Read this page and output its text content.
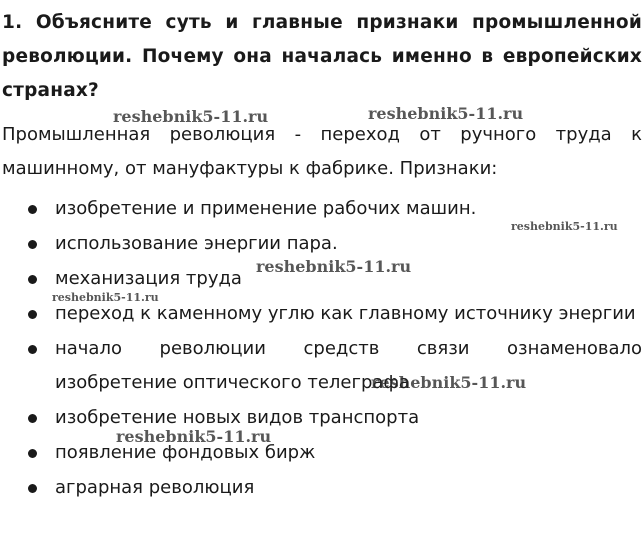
1. Объясните суть и главные признаки промышленной революции. Почему она началась именно в европейских странах?

Промышленная революция - переход от ручного труда к машинному, от мануфактуры к фабрике. Признаки:

изобретение и применение рабочих машин.
использование энергии пара.
механизация труда
переход к каменному углю как главному источнику энергии
начало революции средств связи ознаменовало изобретение оптического телеграфа
изобретение новых видов транспорта
появление фондовых бирж
аграрная революция
reshebnik5-11.ru	reshebnik5-11.ru
reshebnik5-11.ru
reshebnik5-11.ru
reshebnik5-11.ru
reshebnik5-11.ru
reshebnik5-11.ru
